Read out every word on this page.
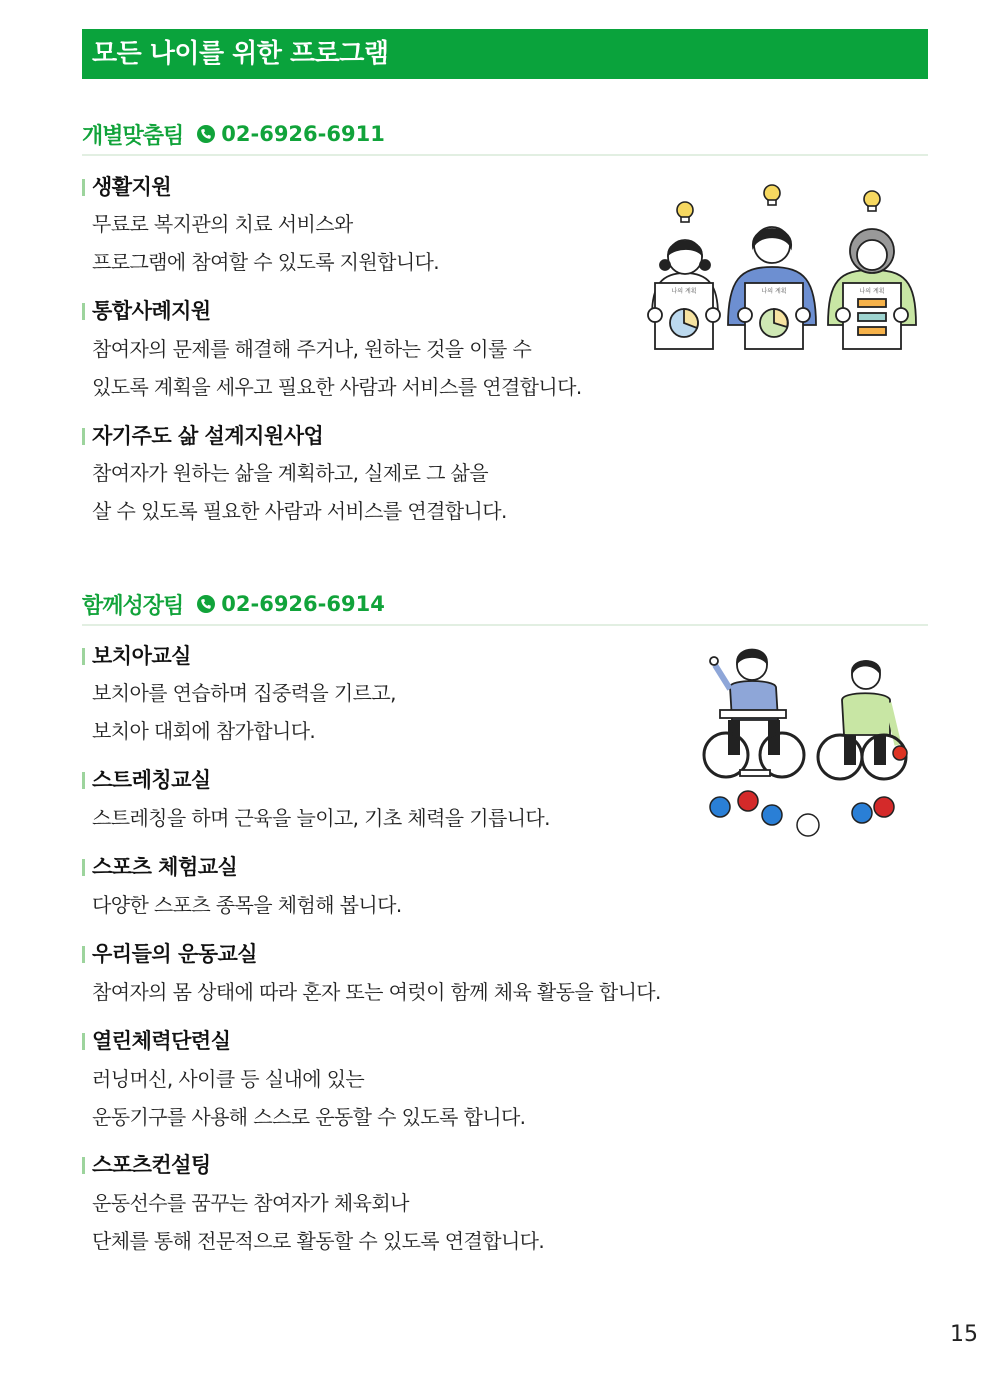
모든 나이를 위한 프로그램
개별맞춤팀 02-6926-6911
생활지원
무료로 복지관의 치료 서비스와
프로그램에 참여할 수 있도록 지원합니다.
통합사례지원
참여자의 문제를 해결해 주거나, 원하는 것을 이룰 수
있도록 계획을 세우고 필요한 사람과 서비스를 연결합니다.
자기주도 삶 설계지원사업
참여자가 원하는 삶을 계획하고, 실제로 그 삶을
살 수 있도록 필요한 사람과 서비스를 연결합니다.
나의 계획	나의 계획	나의 계획
함께성장팀 02-6926-6914
보치아교실
보치아를 연습하며 집중력을 기르고,
보치아 대회에 참가합니다.
스트레칭교실
스트레칭을 하며 근육을 늘이고, 기초 체력을 기릅니다.
스포츠 체험교실
다양한 스포츠 종목을 체험해 봅니다.
우리들의 운동교실
참여자의 몸 상태에 따라 혼자 또는 여럿이 함께 체육 활동을 합니다.
열린체력단련실
러닝머신, 사이클 등 실내에 있는
운동기구를 사용해 스스로 운동할 수 있도록 합니다.
스포츠컨설팅
운동선수를 꿈꾸는 참여자가 체육회나
단체를 통해 전문적으로 활동할 수 있도록 연결합니다.
15
